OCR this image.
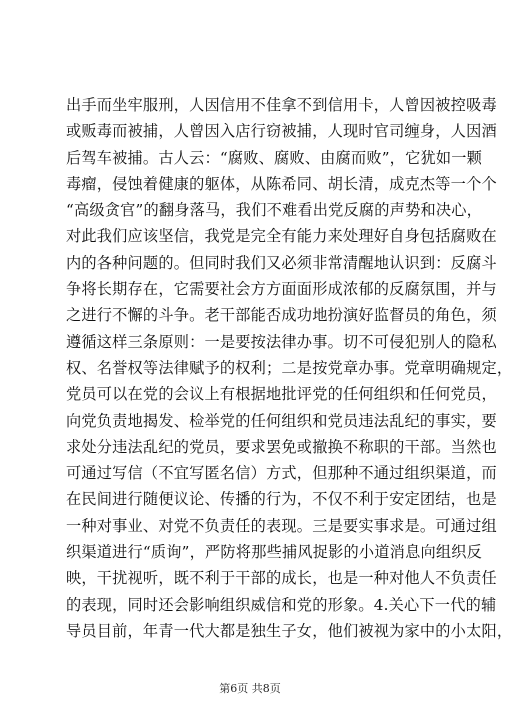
出手而坐牢服刑，人因信用不佳拿不到信用卡，人曾因被控吸毒
或贩毒而被捕，人曾因入店行窃被捕，人现时官司缠身，人因酒
后驾车被捕。古人云：“腐败、腐败、由腐而败”，它犹如一颗
毒瘤，侵蚀着健康的躯体，从陈希同、胡长清，成克杰等一个个
“高级贪官”的翻身落马，我们不难看出党反腐的声势和决心，
对此我们应该坚信，我党是完全有能力来处理好自身包括腐败在
内的各种问题的。但同时我们又必须非常清醒地认识到：反腐斗
争将长期存在，它需要社会方方面面形成浓郁的反腐氛围，并与
之进行不懈的斗争。老干部能否成功地扮演好监督员的角色，须
遵循这样三条原则：一是要按法律办事。切不可侵犯别人的隐私
权、名誉权等法律赋予的权利；二是按党章办事。党章明确规定，
党员可以在党的会议上有根据地批评党的任何组织和任何党员，
向党负责地揭发、检举党的任何组织和党员违法乱纪的事实，要
求处分违法乱纪的党员，要求罢免或撤换不称职的干部。当然也
可通过写信（不宜写匿名信）方式，但那种不通过组织渠道，而
在民间进行随便议论、传播的行为，不仅不利于安定团结，也是
一种对事业、对党不负责任的表现。三是要实事求是。可通过组
织渠道进行“质询”，严防将那些捕风捉影的小道消息向组织反
映，干扰视听，既不利于干部的成长，也是一种对他人不负责任
的表现，同时还会影响组织威信和党的形象。4.关心下一代的辅
导员目前，年青一代大都是独生子女，他们被视为家中的小太阳，
第6页 共8页
